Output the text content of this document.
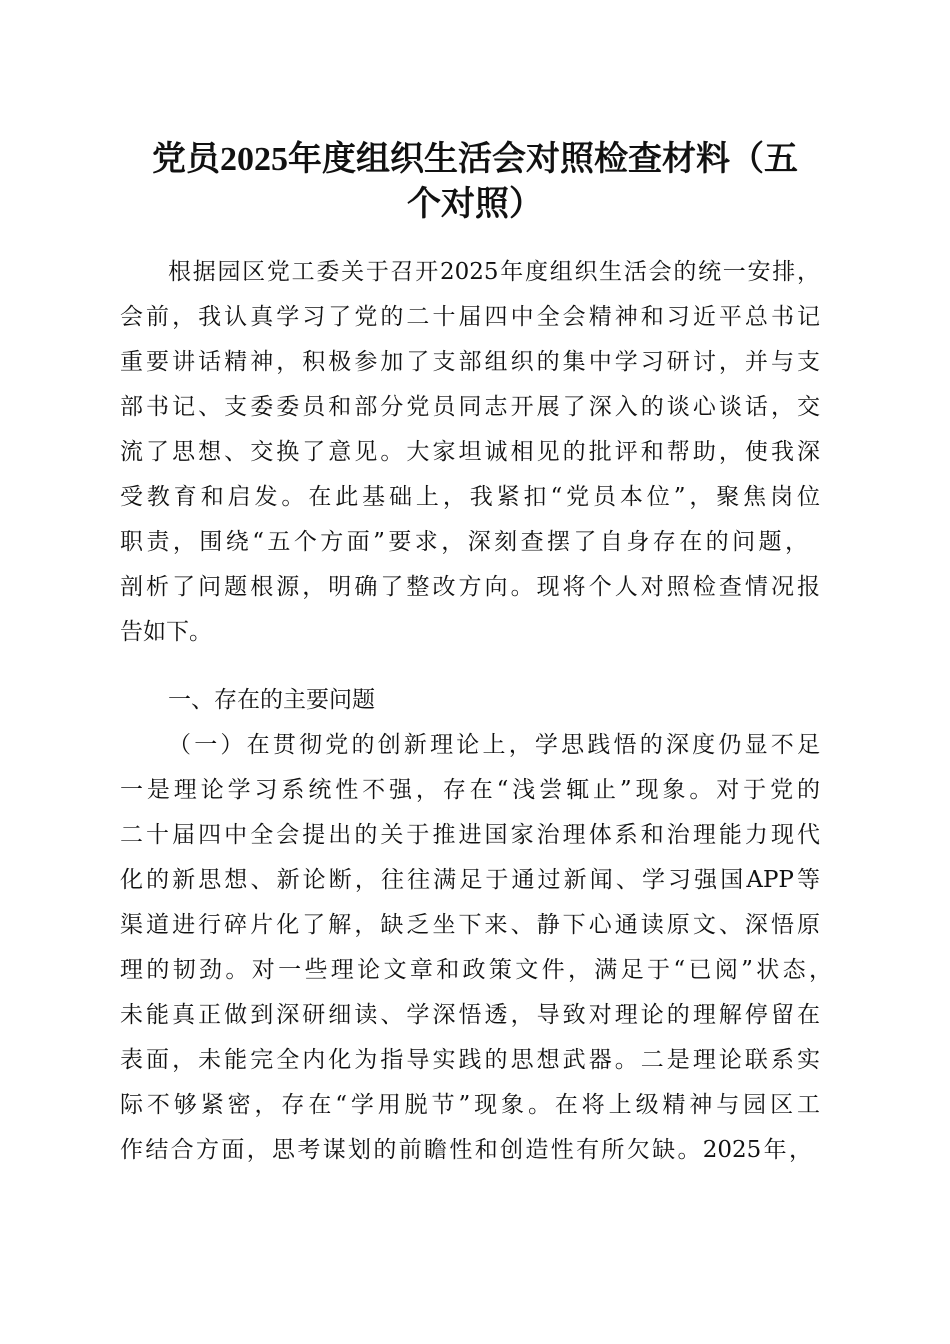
党员2025年度组织生活会对照检查材料（五
个对照）
根据园区党工委关于召开2025年度组织生活会的统一安排，
会前，我认真学习了党的二十届四中全会精神和习近平总书记
重要讲话精神，积极参加了支部组织的集中学习研讨，并与支
部书记、支委委员和部分党员同志开展了深入的谈心谈话，交
流了思想、交换了意见。大家坦诚相见的批评和帮助，使我深
受教育和启发。在此基础上，我紧扣“党员本位”，聚焦岗位
职责，围绕“五个方面”要求，深刻查摆了自身存在的问题，
剖析了问题根源，明确了整改方向。现将个人对照检查情况报
告如下。
一、存在的主要问题
（一）在贯彻党的创新理论上，学思践悟的深度仍显不足
一是理论学习系统性不强，存在“浅尝辄止”现象。对于党的
二十届四中全会提出的关于推进国家治理体系和治理能力现代
化的新思想、新论断，往往满足于通过新闻、学习强国APP等
渠道进行碎片化了解，缺乏坐下来、静下心通读原文、深悟原
理的韧劲。对一些理论文章和政策文件，满足于“已阅”状态，
未能真正做到深研细读、学深悟透，导致对理论的理解停留在
表面，未能完全内化为指导实践的思想武器。二是理论联系实
际不够紧密，存在“学用脱节”现象。在将上级精神与园区工
作结合方面，思考谋划的前瞻性和创造性有所欠缺。2025年，
